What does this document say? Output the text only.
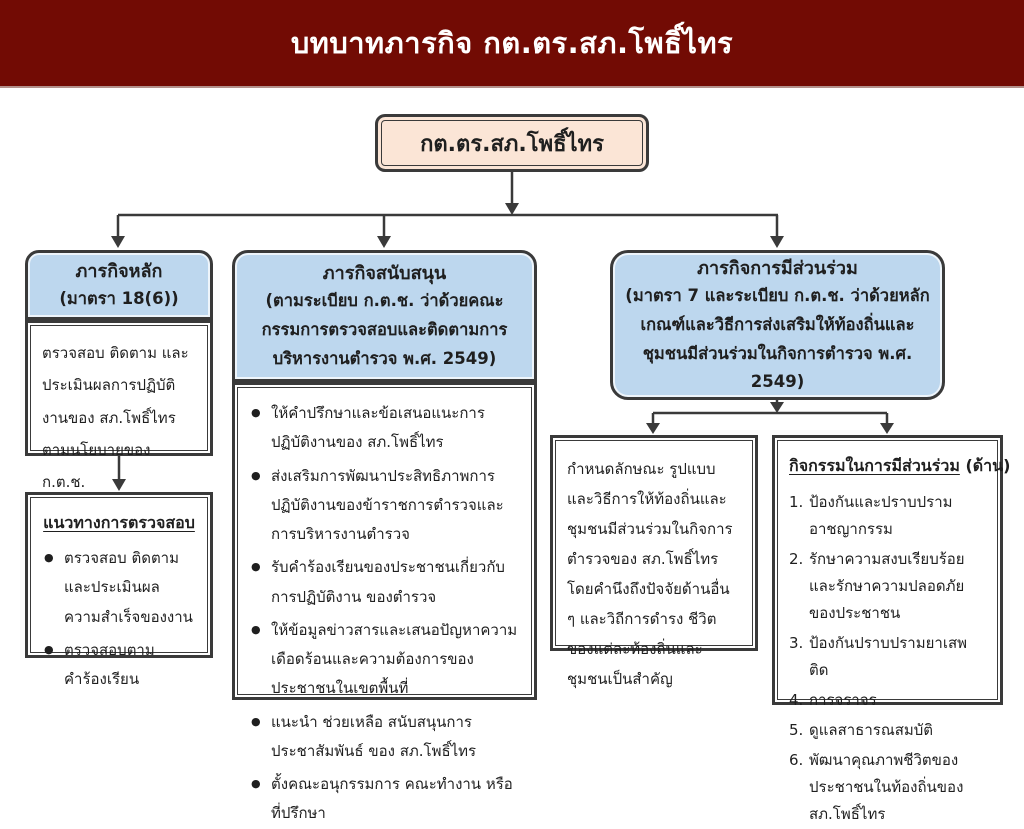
บทบาทภารกิจ กต.ตร.สภ.โพธิ์ไทร
กต.ตร.สภ.โพธิ์ไทร
ภารกิจหลัก
(มาตรา 18(6))
ตรวจสอบ ติดตาม และประเมินผลการปฏิบัติงานของ สภ.โพธิ์ไทร ตามนโยบายของ ก.ต.ช.
แนวทางการตรวจสอบ
● ตรวจสอบ ติดตาม และประเมินผลความสำเร็จของงาน
● ตรวจสอบตามคำร้องเรียน
ภารกิจสนับสนุน
(ตามระเบียบ ก.ต.ช. ว่าด้วยคณะกรรมการตรวจสอบและติดตามการบริหารงานตำรวจ พ.ศ. 2549)
● ให้คำปรึกษาและข้อเสนอแนะการปฏิบัติงานของ สภ.โพธิ์ไทร
● ส่งเสริมการพัฒนาประสิทธิภาพการปฏิบัติงานของข้าราชการตำรวจและการบริหารงานตำรวจ
● รับคำร้องเรียนของประชาชนเกี่ยวกับการปฏิบัติงาน ของตำรวจ
● ให้ข้อมูลข่าวสารและเสนอปัญหาความเดือดร้อนและความต้องการของประชาชนในเขตพื้นที่
● แนะนำ ช่วยเหลือ สนับสนุนการประชาสัมพันธ์ ของ สภ.โพธิ์ไทร
● ตั้งคณะอนุกรรมการ คณะทำงาน หรือที่ปรึกษา
ภารกิจการมีส่วนร่วม
(มาตรา 7 และระเบียบ ก.ต.ช. ว่าด้วยหลักเกณฑ์และวิธีการส่งเสริมให้ท้องถิ่นและชุมชนมีส่วนร่วมในกิจการตำรวจ พ.ศ. 2549)
กำหนดลักษณะ รูปแบบ และวิธีการให้ท้องถิ่นและชุมชนมีส่วนร่วมในกิจการตำรวจของ สภ.โพธิ์ไทร โดยคำนึงถึงปัจจัยด้านอื่น ๆ และวิถีการดำรง ชีวิตของแต่ละท้องถิ่นและชุมชนเป็นสำคัญ
กิจกรรมในการมีส่วนร่วม (ด้าน)
ป้องกันและปราบปรามอาชญากรรม
รักษาความสงบเรียบร้อยและรักษาความปลอดภัยของประชาชน
ป้องกันปราบปรามยาเสพติด
การจราจร
ดูแลสาธารณสมบัติ
พัฒนาคุณภาพชีวิตของประชาชนในท้องถิ่นของ สภ.โพธิ์ไทร
